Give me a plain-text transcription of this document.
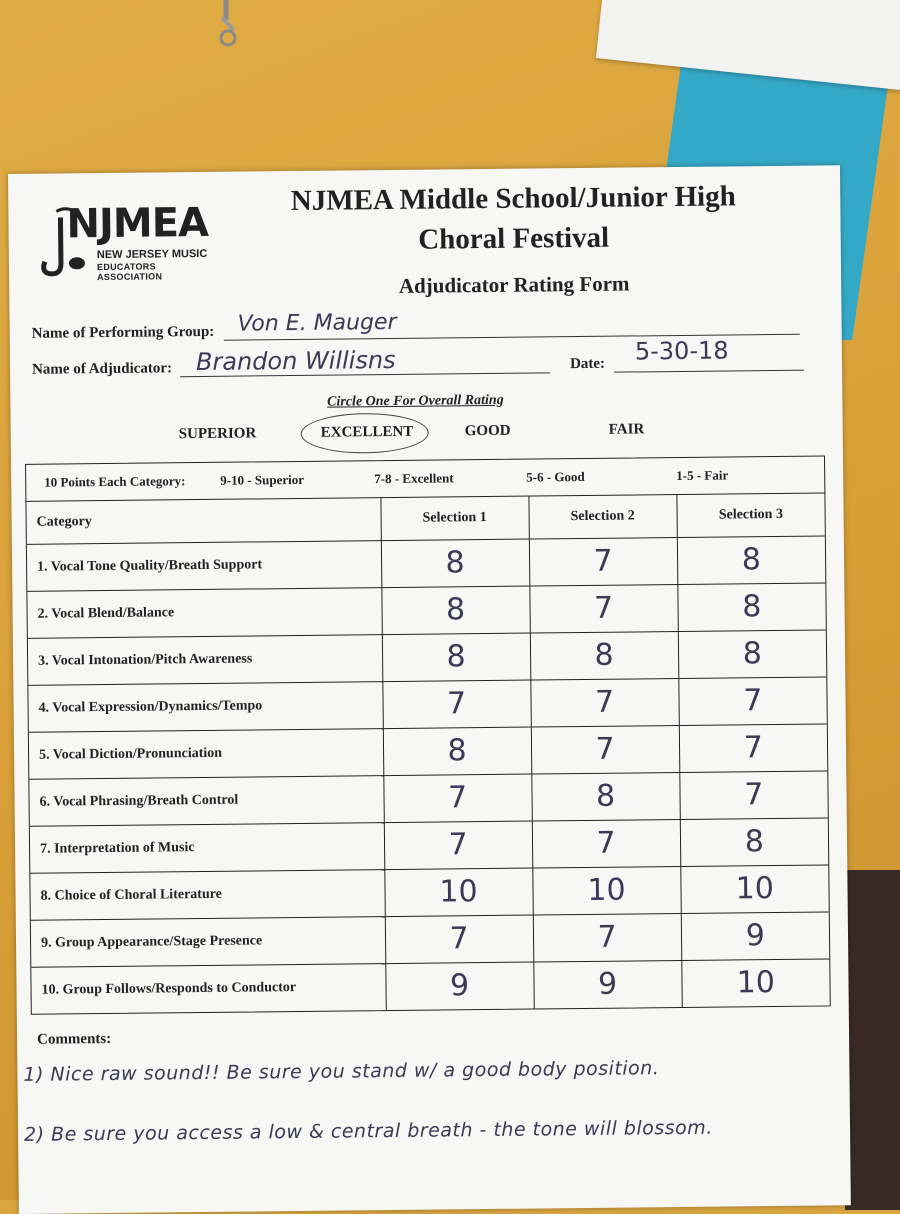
NJMEA
NEW JERSEY MUSIC
EDUCATORS ASSOCIATION
NJMEA Middle School/Junior High
Choral Festival
Adjudicator Rating Form
Name of Performing Group: Von E. Mauger
Name of Adjudicator: Brandon Willisns	Date: 5-30-18
Circle One For Overall Rating
SUPERIOR	EXCELLENT	GOOD	FAIR
10 Points Each Category:	9-10 - Superior	7-8 - Excellent	5-6 - Good	1-5 - Fair
Category	Selection 1	Selection 2	Selection 3
1. Vocal Tone Quality/Breath Support	8	7	8
2. Vocal Blend/Balance	8	7	8
3. Vocal Intonation/Pitch Awareness	8	8	8
4. Vocal Expression/Dynamics/Tempo	7	7	7
5. Vocal Diction/Pronunciation	8	7	7
6. Vocal Phrasing/Breath Control	7	8	7
7. Interpretation of Music	7	7	8
8. Choice of Choral Literature	10	10	10
9. Group Appearance/Stage Presence	7	7	9
10. Group Follows/Responds to Conductor	9	9	10
Comments:
1) Nice raw sound!! Be sure you stand w/ a good body position.
2) Be sure you access a low & central breath - the tone will blossom.
